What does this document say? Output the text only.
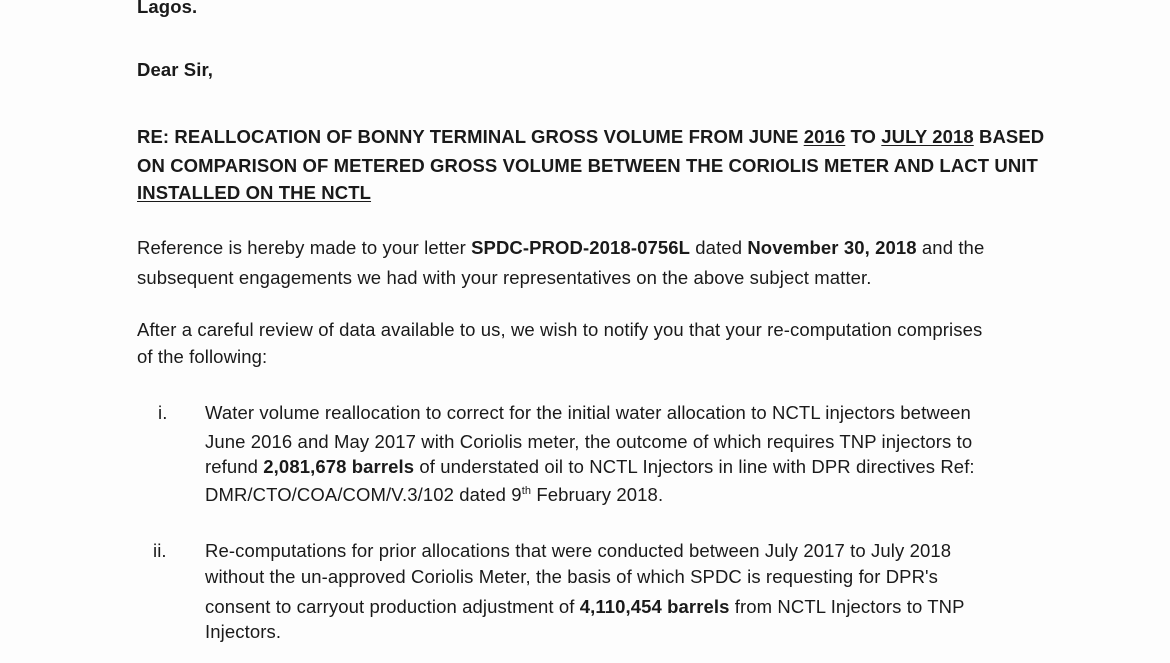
Lagos.
Dear Sir,
RE: REALLOCATION OF BONNY TERMINAL GROSS VOLUME FROM JUNE 2016 TO JULY 2018 BASED
ON COMPARISON OF METERED GROSS VOLUME BETWEEN THE CORIOLIS METER AND LACT UNIT
INSTALLED ON THE NCTL
Reference is hereby made to your letter SPDC-PROD-2018-0756L dated November 30, 2018 and the
subsequent engagements we had with your representatives on the above subject matter.
After a careful review of data available to us, we wish to notify you that your re-computation comprises
of the following:
i. Water volume reallocation to correct for the initial water allocation to NCTL injectors between
June 2016 and May 2017 with Coriolis meter, the outcome of which requires TNP injectors to
refund 2,081,678 barrels of understated oil to NCTL Injectors in line with DPR directives Ref:
DMR/CTO/COA/COM/V.3/102 dated 9th February 2018.
ii. Re-computations for prior allocations that were conducted between July 2017 to July 2018
without the un-approved Coriolis Meter, the basis of which SPDC is requesting for DPR's
consent to carryout production adjustment of 4,110,454 barrels from NCTL Injectors to TNP
Injectors.
